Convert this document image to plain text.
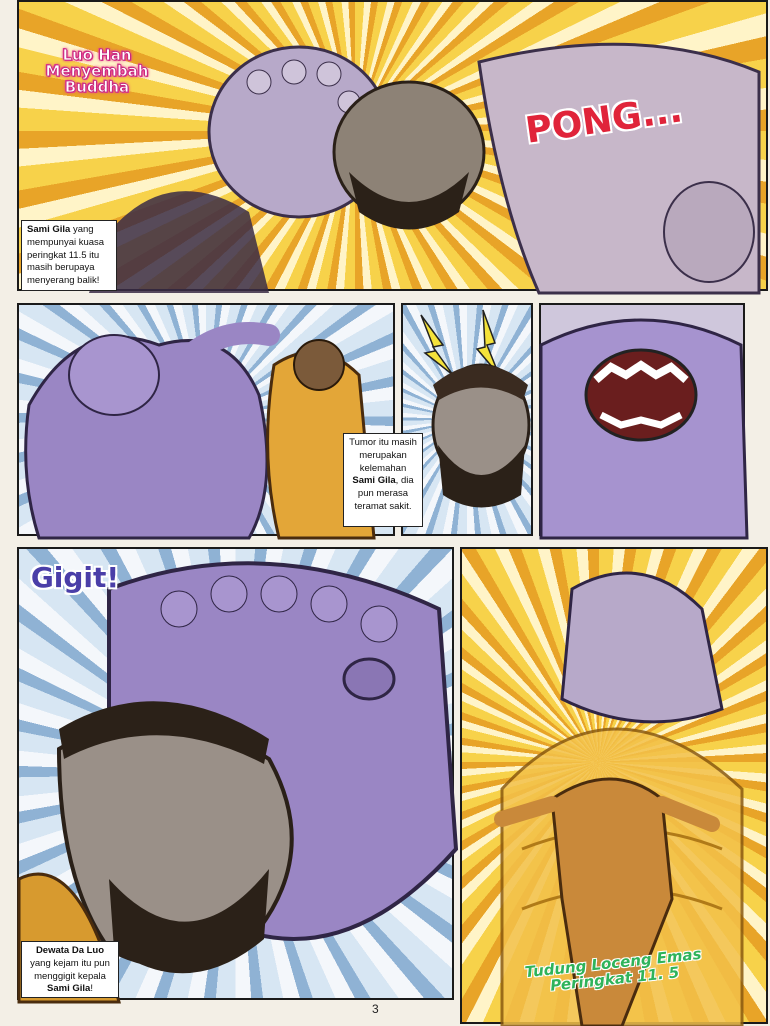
Luo Han Menyembah Buddha
PONG...
Sami Gila yang mempunyai kuasa peringkat 11.5 itu masih berupaya menyerang balik!
Tumor itu masih merupakan kelemahan Sami Gila, dia pun merasa teramat sakit.
Gigit!
Dewata Da Luo yang kejam itu pun menggigit kepala Sami Gila!
Tudung Loceng Emas Peringkat 11. 5
3
